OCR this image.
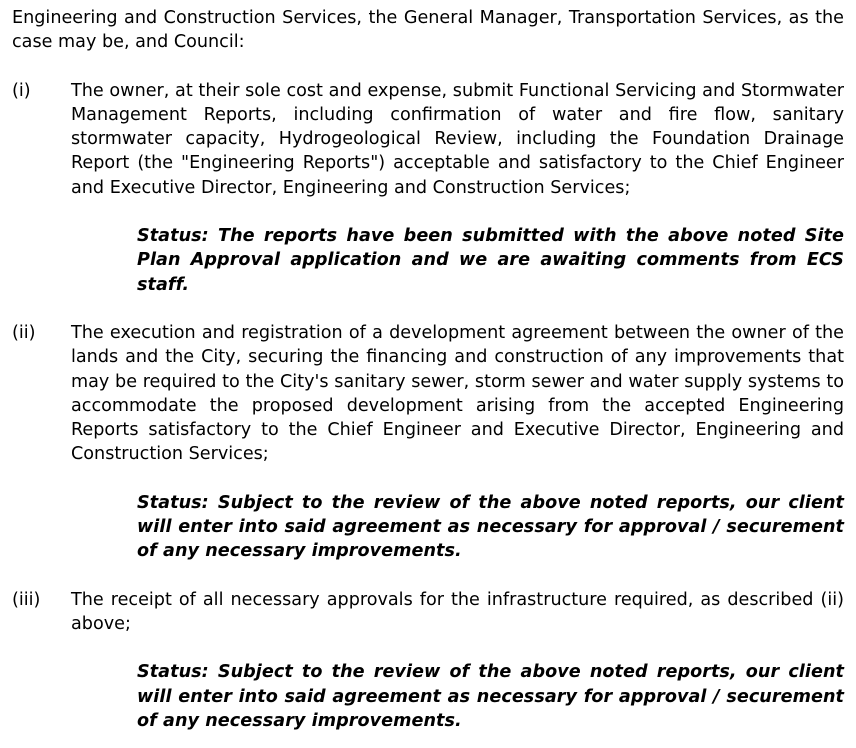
Engineering and Construction Services, the General Manager, Transportation Services, as the case may be, and Council:

(i) The owner, at their sole cost and expense, submit Functional Servicing and Stormwater Management Reports, including confirmation of water and fire flow, sanitary stormwater capacity, Hydrogeological Review, including the Foundation Drainage Report (the "Engineering Reports") acceptable and satisfactory to the Chief Engineer and Executive Director, Engineering and Construction Services;

Status: The reports have been submitted with the above noted Site Plan Approval application and we are awaiting comments from ECS staff.

(ii) The execution and registration of a development agreement between the owner of the lands and the City, securing the financing and construction of any improvements that may be required to the City's sanitary sewer, storm sewer and water supply systems to accommodate the proposed development arising from the accepted Engineering Reports satisfactory to the Chief Engineer and Executive Director, Engineering and Construction Services;

Status: Subject to the review of the above noted reports, our client will enter into said agreement as necessary for approval / securement of any necessary improvements.

(iii) The receipt of all necessary approvals for the infrastructure required, as described (ii) above;

Status: Subject to the review of the above noted reports, our client will enter into said agreement as necessary for approval / securement of any necessary improvements.
